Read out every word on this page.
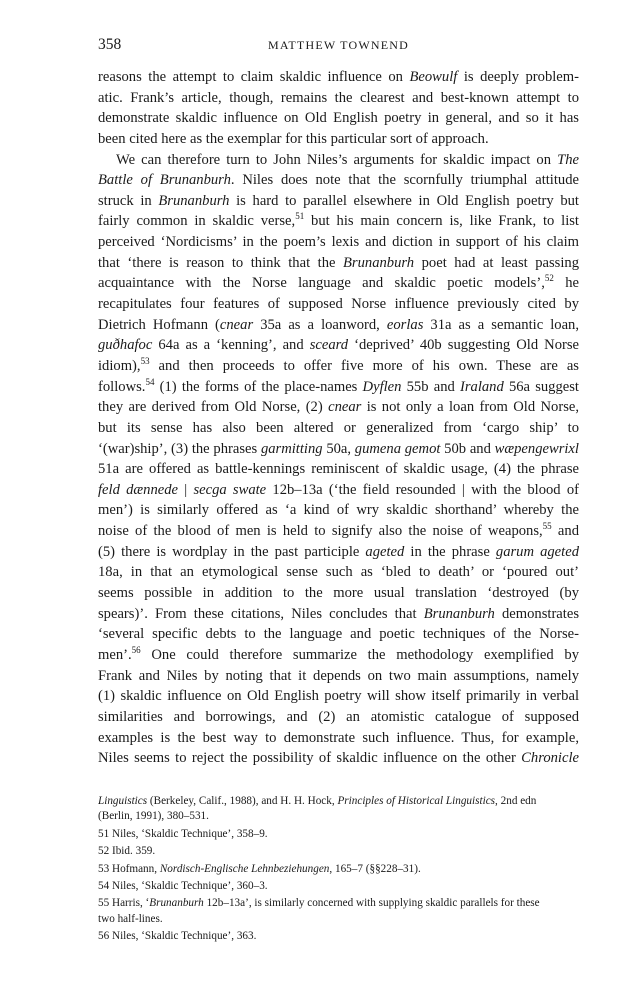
358	MATTHEW TOWNEND
reasons the attempt to claim skaldic influence on Beowulf is deeply problem-
atic. Frank’s article, though, remains the clearest and best-known attempt to
demonstrate skaldic influence on Old English poetry in general, and so it has
been cited here as the exemplar for this particular sort of approach.
We can therefore turn to John Niles’s arguments for skaldic impact on The
Battle of Brunanburh. Niles does note that the scornfully triumphal attitude
struck in Brunanburh is hard to parallel elsewhere in Old English poetry but
fairly common in skaldic verse,$^{51}$ but his main concern is, like Frank, to list
perceived ‘Nordicisms’ in the poem’s lexis and diction in support of his claim
that ‘there is reason to think that the Brunanburh poet had at least passing
acquaintance with the Norse language and skaldic poetic models’,$^{52}$ he
recapitulates four features of supposed Norse influence previously cited by
Dietrich Hofmann (cnear 35a as a loanword, eorlas 31a as a semantic loan,
guðhafoc 64a as a ‘kenning’, and sceard ‘deprived’ 40b suggesting Old Norse
idiom),$^{53}$ and then proceeds to offer five more of his own. These are as
follows.$^{54}$ (1) the forms of the place-names Dyflen 55b and Iraland 56a suggest
they are derived from Old Norse, (2) cnear is not only a loan from Old Norse,
but its sense has also been altered or generalized from ‘cargo ship’ to
‘(war)ship’, (3) the phrases garmitting 50a, gumena gemot 50b and wæpengewrixl
51a are offered as battle-kennings reminiscent of skaldic usage, (4) the phrase
feld dænnede | secga swate 12b–13a (‘the field resounded | with the blood of
men’) is similarly offered as ‘a kind of wry skaldic shorthand’ whereby the
noise of the blood of men is held to signify also the noise of weapons,$^{55}$ and
(5) there is wordplay in the past participle ageted in the phrase garum ageted
18a, in that an etymological sense such as ‘bled to death’ or ‘poured out’
seems possible in addition to the more usual translation ‘destroyed (by
spears)’. From these citations, Niles concludes that Brunanburh demonstrates
‘several specific debts to the language and poetic techniques of the Norse-
men’.$^{56}$ One could therefore summarize the methodology exemplified by
Frank and Niles by noting that it depends on two main assumptions, namely
(1) skaldic influence on Old English poetry will show itself primarily in verbal
similarities and borrowings, and (2) an atomistic catalogue of supposed
examples is the best way to demonstrate such influence. Thus, for example,
Niles seems to reject the possibility of skaldic influence on the other Chronicle
Linguistics (Berkeley, Calif., 1988), and H. H. Hock, Principles of Historical Linguistics, 2nd edn
(Berlin, 1991), 380–531.
51 Niles, ‘Skaldic Technique’, 358–9.
52 Ibid. 359.
53 Hofmann, Nordisch-Englische Lehnbeziehungen, 165–7 (§§228–31).
54 Niles, ‘Skaldic Technique’, 360–3.
55 Harris, ‘Brunanburh 12b–13a’, is similarly concerned with supplying skaldic parallels for these
two half-lines.
56 Niles, ‘Skaldic Technique’, 363.
